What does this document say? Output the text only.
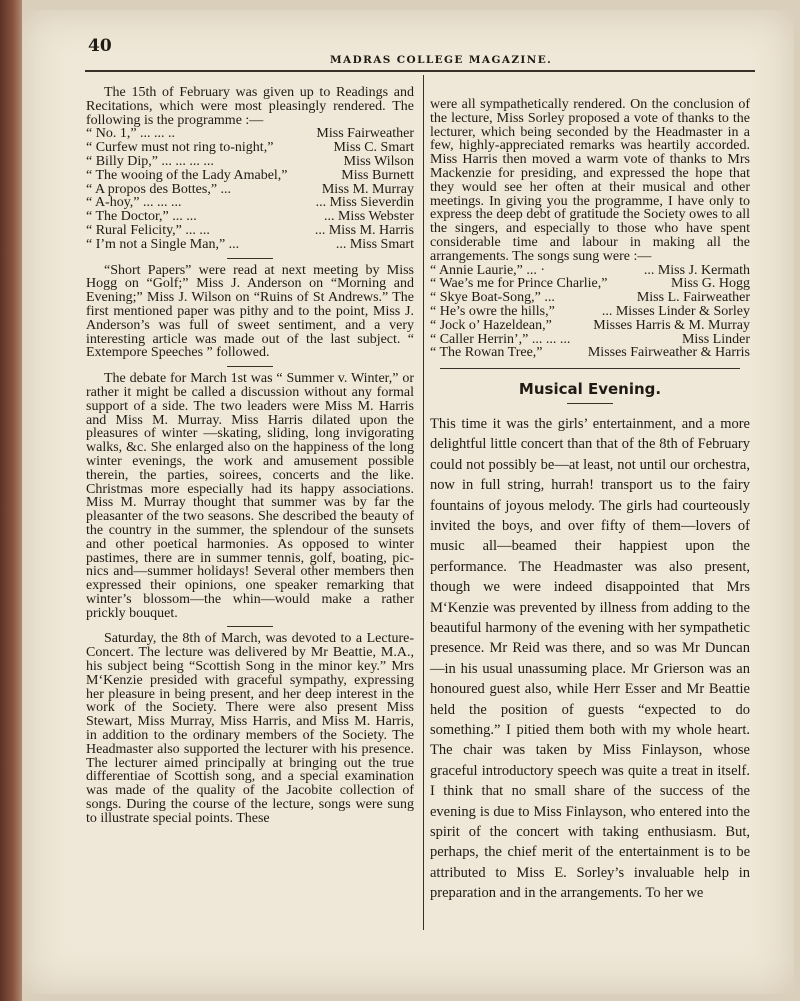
40
MADRAS COLLEGE MAGAZINE.

The 15th of February was given up to Readings and Recitations, which were most pleasingly rendered. The following is the programme :—

“ No. 1,” ... ... ..	Miss Fairweather
“ Curfew must not ring to-night,”	Miss C. Smart
“ Billy Dip,” ... ... ... ...	Miss Wilson
“ The wooing of the Lady Amabel,”	Miss Burnett
“ A propos des Bottes,” ...	Miss M. Murray
“ A-hoy,” ... ... ...	... Miss Sieverdin
“ The Doctor,” ... ...	... Miss Webster
“ Rural Felicity,” ... ...	... Miss M. Harris
“ I’m not a Single Man,” ...	... Miss Smart

“Short Papers” were read at next meeting by Miss Hogg on “Golf;” Miss J. Anderson on “Morning and Evening;” Miss J. Wilson on “Ruins of St Andrews.” The first mentioned paper was pithy and to the point, Miss J. Anderson’s was full of sweet sentiment, and a very interesting article was made out of the last subject. “ Extempore Speeches ” followed.

The debate for March 1st was “ Summer v. Winter,” or rather it might be called a discussion without any formal support of a side. The two leaders were Miss M. Harris and Miss M. Murray. Miss Harris dilated upon the pleasures of winter —skating, sliding, long invigorating walks, &c. She enlarged also on the happiness of the long winter evenings, the work and amusement possible therein, the parties, soirees, concerts and the like. Christmas more especially had its happy associations. Miss M. Murray thought that summer was by far the pleasanter of the two seasons. She described the beauty of the country in the summer, the splendour of the sunsets and other poetical harmonies. As opposed to winter pastimes, there are in summer tennis, golf, boating, pic-nics and—summer holidays! Several other members then expressed their opinions, one speaker remarking that winter’s blossom—the whin—would make a rather prickly bouquet.

Saturday, the 8th of March, was devoted to a Lecture-Concert. The lecture was delivered by Mr Beattie, M.A., his subject being “Scottish Song in the minor key.” Mrs M‘Kenzie presided with graceful sympathy, expressing her pleasure in being present, and her deep interest in the work of the Society. There were also present Miss Stewart, Miss Murray, Miss Harris, and Miss M. Harris, in addition to the ordinary members of the Society. The Headmaster also supported the lecturer with his presence. The lecturer aimed principally at bringing out the true differentiae of Scottish song, and a special examination was made of the quality of the Jacobite collection of songs. During the course of the lecture, songs were sung to illustrate special points. These

were all sympathetically rendered. On the conclusion of the lecture, Miss Sorley proposed a vote of thanks to the lecturer, which being seconded by the Headmaster in a few, highly-appreciated remarks was heartily accorded. Miss Harris then moved a warm vote of thanks to Mrs Mackenzie for presiding, and expressed the hope that they would see her often at their musical and other meetings. In giving you the programme, I have only to express the deep debt of gratitude the Society owes to all the singers, and especially to those who have spent considerable time and labour in making all the arrangements. The songs sung were :—

“ Annie Laurie,” ... ·	... Miss J. Kermath
“ Wae’s me for Prince Charlie,”	Miss G. Hogg
“ Skye Boat-Song,” ...	Miss L. Fairweather
“ He’s owre the hills,”	... Misses Linder & Sorley
“ Jock o’ Hazeldean,”	Misses Harris & M. Murray
“ Caller Herrin’,” ... ... ...	Miss Linder
“ The Rowan Tree,”	Misses Fairweather & Harris

Musical Evening.

This time it was the girls’ entertainment, and a more delightful little concert than that of the 8th of February could not possibly be—at least, not until our orchestra, now in full string, hurrah! transport us to the fairy fountains of joyous melody. The girls had courteously invited the boys, and over fifty of them—lovers of music all—beamed their happiest upon the performance. The Headmaster was also present, though we were indeed disappointed that Mrs M‘Kenzie was prevented by illness from adding to the beautiful harmony of the evening with her sympathetic presence. Mr Reid was there, and so was Mr Duncan—in his usual unassuming place. Mr Grierson was an honoured guest also, while Herr Esser and Mr Beattie held the position of guests “expected to do something.” I pitied them both with my whole heart. The chair was taken by Miss Finlayson, whose graceful introductory speech was quite a treat in itself. I think that no small share of the success of the evening is due to Miss Finlayson, who entered into the spirit of the concert with taking enthusiasm. But, perhaps, the chief merit of the entertainment is to be attributed to Miss E. Sorley’s invaluable help in preparation and in the arrangements. To her we
